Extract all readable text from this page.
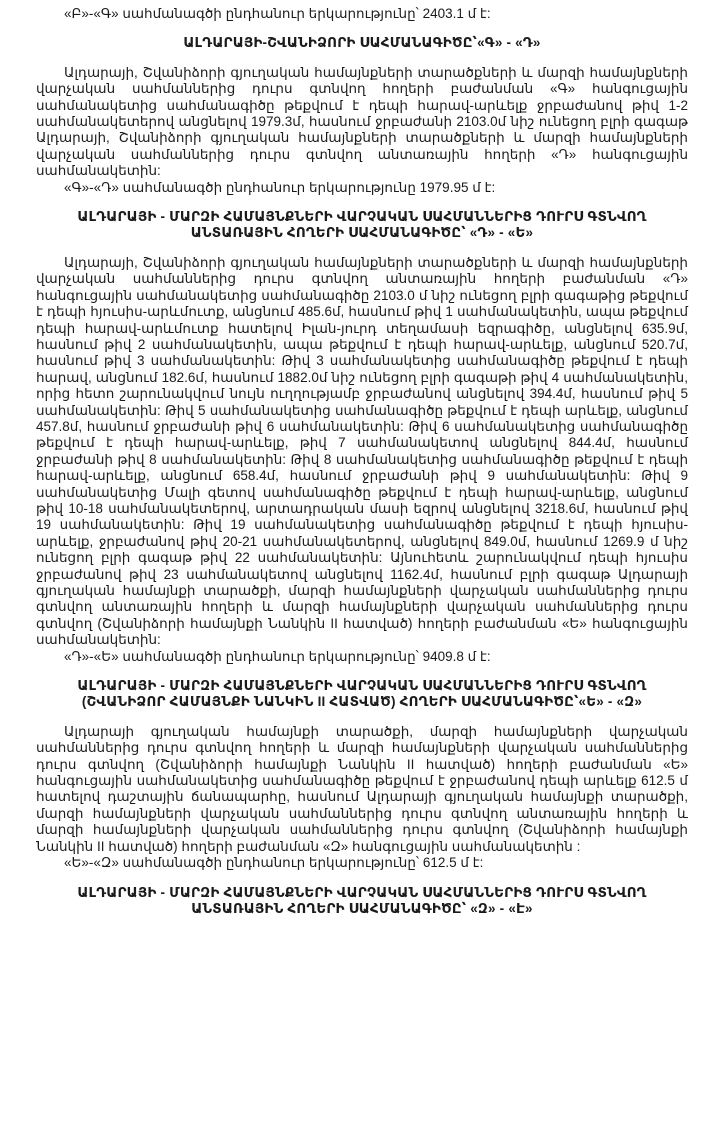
«Բ»-«Գ» սահմանագծի ընդհանուր երկարությունը՝ 2403.1 մ է:

ԱԼԴԱՐԱՅԻ-ՇՎԱՆԻՁՈՐԻ ՍԱՀՄԱՆԱԳԻԾԸ՝«Գ» - «Դ»

Ալդարայի, Շվանիձորի գյուղական համայնքների տարածքների և մարզի համայնքների վարչական սահմաններից դուրս գտնվող հողերի բաժանման «Գ» հանգուցային սահմանակետից սահմանագիծը թեքվում է դեպի հարավ-արևելք ջրբաժանով թիվ 1-2 սահմանակետերով անցնելով 1979.3մ, հասնում ջրբաժանի 2103.0մ նիշ ունեցող բլրի գագաթ Ալդարայի, Շվանիձորի գյուղական համայնքների տարածքների և մարզի համայնքների վարչական սահմաններից դուրս գտնվող անտառային հողերի «Դ» հանգուցային սահմանակետին:

«Գ»-«Դ» սահմանագծի ընդհանուր երկարությունը 1979.95 մ է:

ԱԼԴԱՐԱՅԻ - ՄԱՐԶԻ ՀԱՄԱՅՆՔՆԵՐԻ ՎԱՐՉԱԿԱՆ ՍԱՀՄԱՆՆԵՐԻՑ ԴՈՒՐՍ ԳՏՆՎՈՂ ԱՆՏԱՌԱՅԻՆ ՀՈՂԵՐԻ ՍԱՀՄԱՆԱԳԻԾԸ՝ «Դ» - «Ե»

Ալդարայի, Շվանիձորի գյուղական համայնքների տարածքների և մարզի համայնքների վարչական սահմաններից դուրս գտնվող անտառային հողերի բաժանման «Դ» հանգուցային սահմանակետից սահմանագիծը 2103.0 մ նիշ ունեցող բլրի գագաթից թեքվում է դեպի հյուսիս-արևմուտք, անցնում 485.6մ, հասնում թիվ 1 սահմանակետին, ապա թեքվում դեպի հարավ-արևմուտք հատելով Իլան-յուրդ տեղամասի եզրագիծը, անցնելով 635.9մ, հասնում թիվ 2 սահմանակետին, ապա թեքվում է դեպի հարավ-արևելք, անցնում 520.7մ, հասնում թիվ 3 սահմանակետին: Թիվ 3 սահմանակետից սահմանագիծը թեքվում է դեպի հարավ, անցնում 182.6մ, հասնում 1882.0մ նիշ ունեցող բլրի գագաթի թիվ 4 սահմանակետին, որից հետո շարունակվում նույն ուղղությամբ ջրբաժանով անցնելով 394.4մ, հասնում թիվ 5 սահմանակետին: Թիվ 5 սահմանակետից սահմանագիծը թեքվում է դեպի արևելք, անցնում 457.8մ, հասնում ջրբաժանի թիվ 6 սահմանակետին: Թիվ 6 սահմանակետից սահմանագիծը թեքվում է դեպի հարավ-արևելք, թիվ 7 սահմանակետով անցնելով 844.4մ, հասնում ջրբաժանի թիվ 8 սահմանակետին: Թիվ 8 սահմանակետից սահմանագիծը թեքվում է դեպի հարավ-արևելք, անցնում 658.4մ, հասնում ջրբաժանի թիվ 9 սահմանակետին: Թիվ 9 սահմանակետից Մալի գետով սահմանագիծը թեքվում է դեպի հարավ-արևելք, անցնում թիվ 10-18 սահմանակետերով, արտադրական մասի եզրով անցնելով 3218.6մ, հասնում թիվ 19 սահմանակետին: Թիվ 19 սահմանակետից սահմանագիծը թեքվում է դեպի հյուսիս-արևելք, ջրբաժանով թիվ 20-21 սահմանակետերով, անցնելով 849.0մ, հասնում 1269.9 մ նիշ ունեցող բլրի գագաթ թիվ 22 սահմանակետին: Այնուհետև շարունակվում դեպի հյուսիս ջրբաժանով թիվ 23 սահմանակետով անցնելով 1162.4մ, հասնում բլրի գագաթ Ալդարայի գյուղական համայնքի տարածքի, մարզի համայնքների վարչական սահմաններից դուրս գտնվող անտառային հողերի և մարզի համայնքների վարչական սահմաններից դուրս գտնվող (Շվանիձորի համայնքի Նանկին II հատված) հողերի բաժանման «Ե» հանգուցային սահմանակետին:

«Դ»-«Ե» սահմանագծի ընդհանուր երկարությունը՝ 9409.8 մ է:

ԱԼԴԱՐԱՅԻ - ՄԱՐԶԻ ՀԱՄԱՅՆՔՆԵՐԻ ՎԱՐՉԱԿԱՆ ՍԱՀՄԱՆՆԵՐԻՑ ԴՈՒՐՍ ԳՏՆՎՈՂ (ՇՎԱՆԻՁՈՐ ՀԱՄԱՅՆՔԻ ՆԱՆԿԻՆ II ՀԱՏՎԱԾ) ՀՈՂԵՐԻ ՍԱՀՄԱՆԱԳԻԾԸ՝«Ե» - «Զ»

Ալդարայի գյուղական համայնքի տարածքի, մարզի համայնքների վարչական սահմաններից դուրս գտնվող հողերի և մարզի համայնքների վարչական սահմաններից դուրս գտնվող (Շվանիձորի համայնքի Նանկին II հատված) հողերի բաժանման «Ե» հանգուցային սահմանակետից սահմանագիծը թեքվում է ջրբաժանով դեպի արևելք 612.5 մ հատելով դաշտային ճանապարհը, հասնում Ալդարայի գյուղական համայնքի տարածքի, մարզի համայնքների վարչական սահմաններից դուրս գտնվող անտառային հողերի և մարզի համայնքների վարչական սահմաններից դուրս գտնվող (Շվանիձորի համայնքի Նանկին II հատված) հողերի բաժանման «Զ» հանգուցային սահմանակետին :

«Ե»-«Զ» սահմանագծի ընդհանուր երկարությունը՝ 612.5 մ է:

ԱԼԴԱՐԱՅԻ - ՄԱՐԶԻ ՀԱՄԱՅՆՔՆԵՐԻ ՎԱՐՉԱԿԱՆ ՍԱՀՄԱՆՆԵՐԻՑ ԴՈՒՐՍ ԳՏՆՎՈՂ ԱՆՏԱՌԱՅԻՆ ՀՈՂԵՐԻ ՍԱՀՄԱՆԱԳԻԾԸ՝ «Զ» - «Է»
